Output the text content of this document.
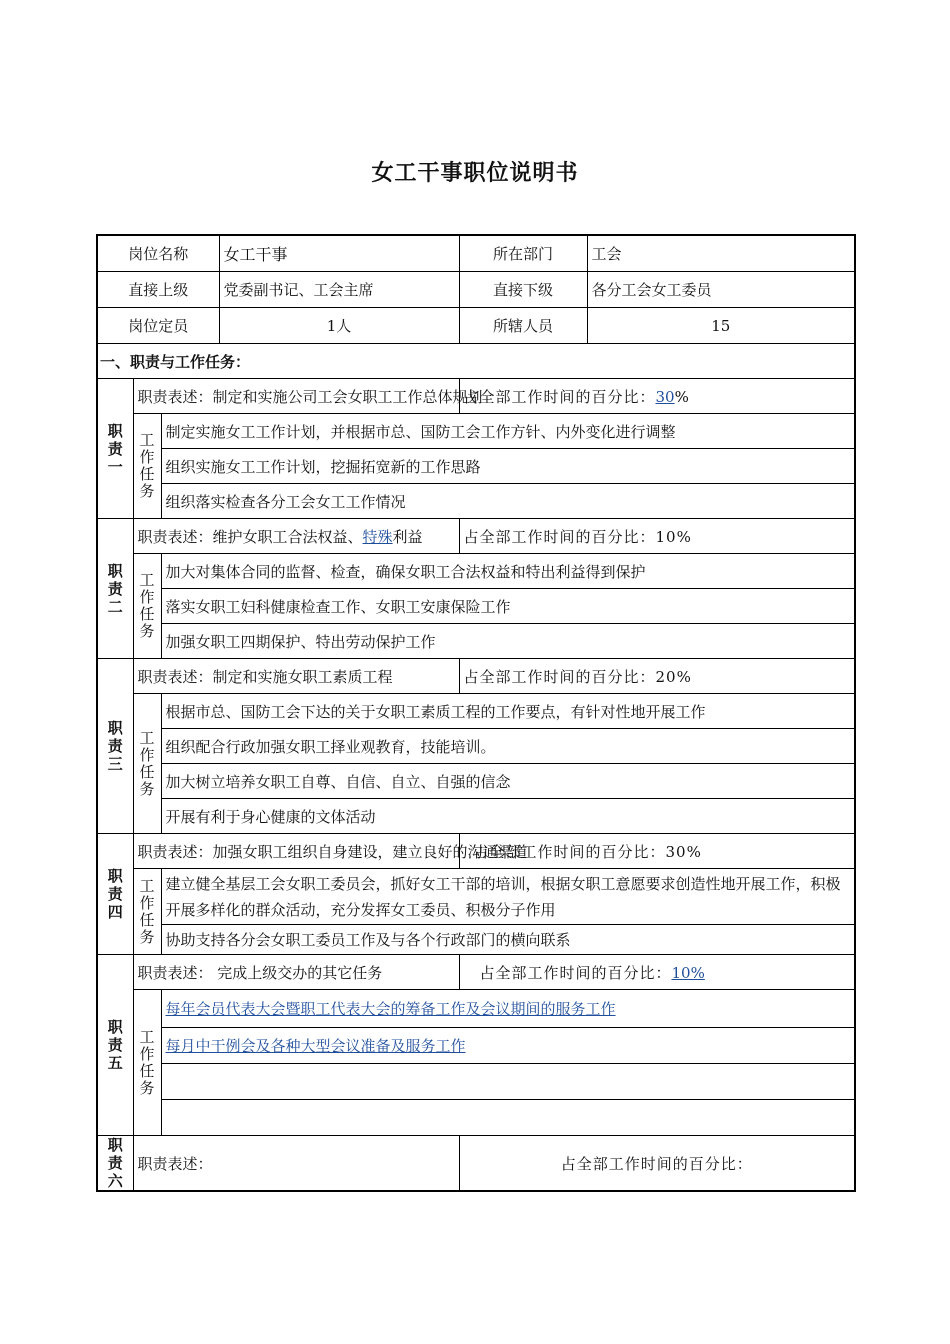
女工干事职位说明书
岗位名称			女工干事	所在部门	工会
直接上级			党委副书记、工会主席	直接下级	各分工会女工委员
岗位定员			1人	所辖人员	15
一、职责与工作任务：					
职责一	职责表述：制定和实施公司工会女职工工作总体规划			占全部工作时间的百分比：30%	
	工作任务	制定实施女工工作计划，并根据市总、国防工会工作方针、内外变化进行调整			
		组织实施女工工作计划，挖掘拓宽新的工作思路			
		组织落实检查各分工会女工工作情况			
职责二	职责表述：维护女职工合法权益、特殊利益			占全部工作时间的百分比：10%	
	工作任务	加大对集体合同的监督、检查，确保女职工合法权益和特出利益得到保护			
		落实女职工妇科健康检查工作、女职工安康保险工作			
		加强女职工四期保护、特出劳动保护工作			
职责三	职责表述：制定和实施女职工素质工程			占全部工作时间的百分比：20%	
	工作任务	根据市总、国防工会下达的关于女职工素质工程的工作要点，有针对性地开展工作			
		组织配合行政加强女职工择业观教育，技能培训。			
		加大树立培养女职工自尊、自信、自立、自强的信念			
		开展有利于身心健康的文体活动			
职责四	职责表述：加强女职工组织自身建设，建立良好的沟通渠道			占全部工作时间的百分比：30%	
	工作任务	建立健全基层工会女职工委员会，抓好女工干部的培训，根据女职工意愿要求创造性地开展工作，积极开展多样化的群众活动，充分发挥女工委员、积极分子作用			
		协助支持各分会女职工委员工作及与各个行政部门的横向联系			
职责五	职责表述： 完成上级交办的其它任务			占全部工作时间的百分比：10%	
	工作任务	每年会员代表大会暨职工代表大会的筹备工作及会议期间的服务工作			
		每月中干例会及各种大型会议准备及服务工作			

职责六	职责表述：			占全部工作时间的百分比：	
